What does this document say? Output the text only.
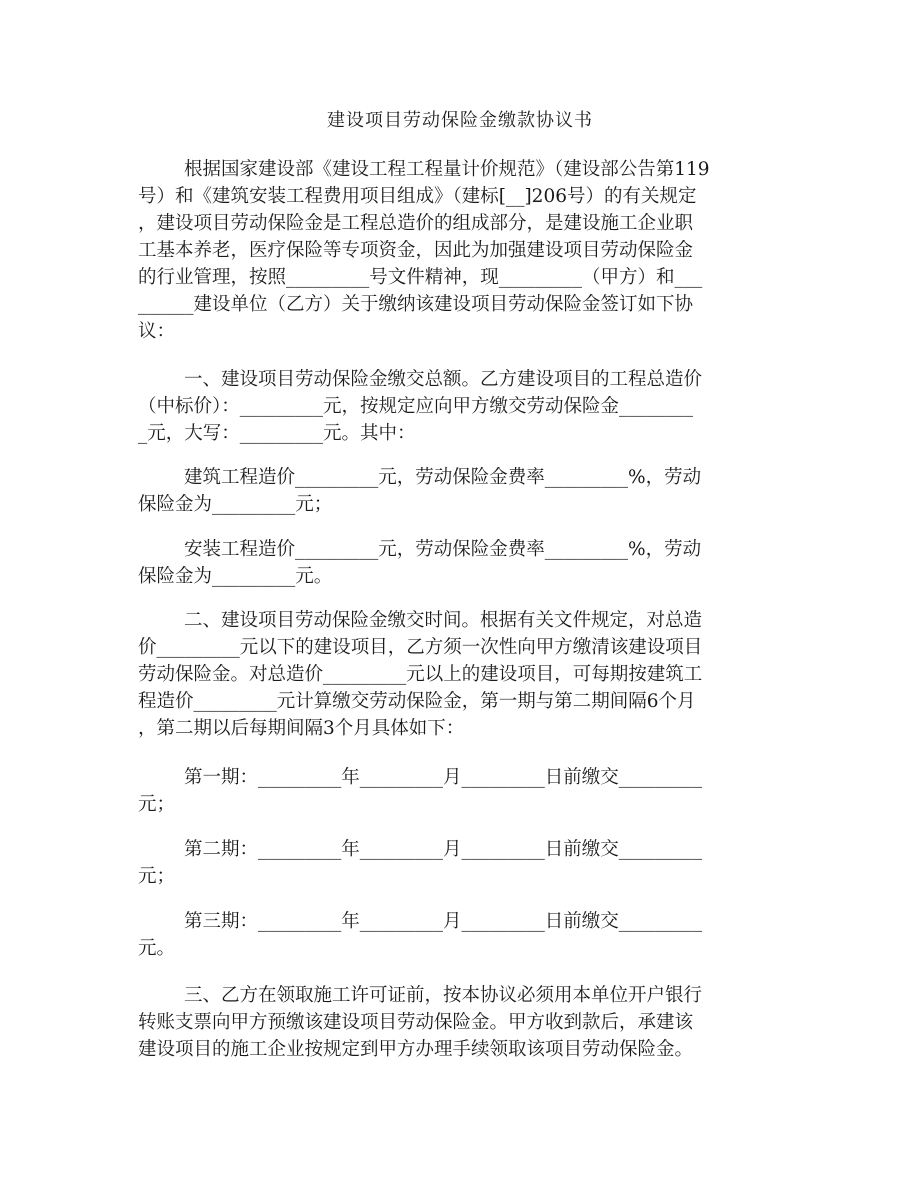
建设项目劳动保险金缴款协议书

根据国家建设部《建设工程工程量计价规范》（建设部公告第119

号）和《建筑安装工程费用项目组成》（建标[__]206号）的有关规定

，建设项目劳动保险金是工程总造价的组成部分，是建设施工企业职

工基本养老，医疗保险等专项资金，因此为加强建设项目劳动保险金

的行业管理，按照_________号文件精神，现_________（甲方）和___

______建设单位（乙方）关于缴纳该建设项目劳动保险金签订如下协

议：

一、建设项目劳动保险金缴交总额。乙方建设项目的工程总造价

（中标价）：_________元，按规定应向甲方缴交劳动保险金________

_元，大写：_________元。其中：

建筑工程造价_________元，劳动保险金费率_________%，劳动

保险金为_________元；

安装工程造价_________元，劳动保险金费率_________%，劳动

保险金为_________元。

二、建设项目劳动保险金缴交时间。根据有关文件规定，对总造

价_________元以下的建设项目，乙方须一次性向甲方缴清该建设项目

劳动保险金。对总造价_________元以上的建设项目，可每期按建筑工

程造价_________元计算缴交劳动保险金，第一期与第二期间隔6个月

，第二期以后每期间隔3个月具体如下：

第一期：_________年_________月_________日前缴交_________

元；

第二期：_________年_________月_________日前缴交_________

元；

第三期：_________年_________月_________日前缴交_________

元。

三、乙方在领取施工许可证前，按本协议必须用本单位开户银行

转账支票向甲方预缴该建设项目劳动保险金。甲方收到款后，承建该

建设项目的施工企业按规定到甲方办理手续领取该项目劳动保险金。
